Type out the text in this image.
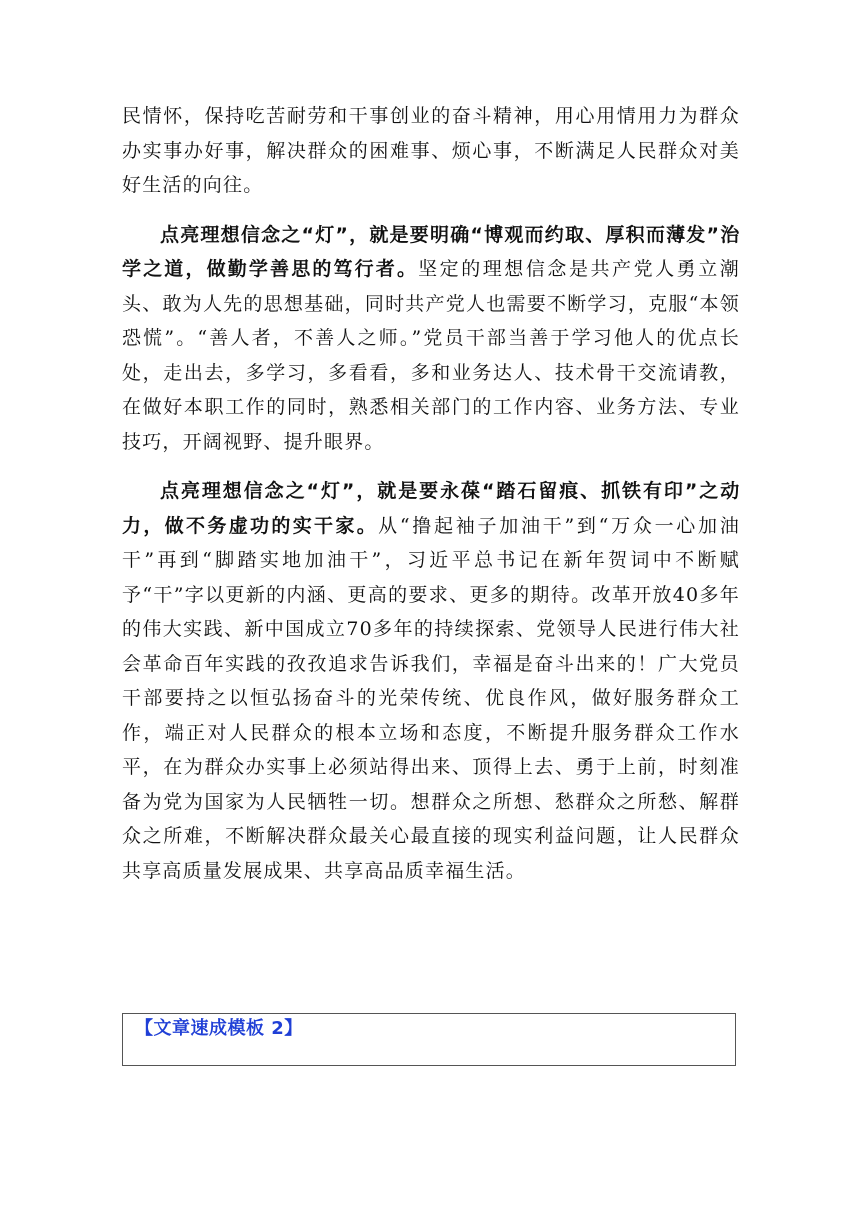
民情怀，保持吃苦耐劳和干事创业的奋斗精神，用心用情用力为群众办实事办好事，解决群众的困难事、烦心事，不断满足人民群众对美好生活的向往。

点亮理想信念之“灯”，就是要明确“博观而约取、厚积而薄发”治学之道，做勤学善思的笃行者。坚定的理想信念是共产党人勇立潮头、敢为人先的思想基础，同时共产党人也需要不断学习，克服“本领恐慌”。“善人者，不善人之师。”党员干部当善于学习他人的优点长处，走出去，多学习，多看看，多和业务达人、技术骨干交流请教，在做好本职工作的同时，熟悉相关部门的工作内容、业务方法、专业技巧，开阔视野、提升眼界。

点亮理想信念之“灯”，就是要永葆“踏石留痕、抓铁有印”之动力，做不务虚功的实干家。从“撸起袖子加油干”到“万众一心加油干”再到“脚踏实地加油干”，习近平总书记在新年贺词中不断赋予“干”字以更新的内涵、更高的要求、更多的期待。改革开放40多年的伟大实践、新中国成立70多年的持续探索、党领导人民进行伟大社会革命百年实践的孜孜追求告诉我们，幸福是奋斗出来的！广大党员干部要持之以恒弘扬奋斗的光荣传统、优良作风，做好服务群众工作，端正对人民群众的根本立场和态度，不断提升服务群众工作水平，在为群众办实事上必须站得出来、顶得上去、勇于上前，时刻准备为党为国家为人民牺牲一切。想群众之所想、愁群众之所愁、解群众之所难，不断解决群众最关心最直接的现实利益问题，让人民群众共享高质量发展成果、共享高品质幸福生活。

【文章速成模板 2】
